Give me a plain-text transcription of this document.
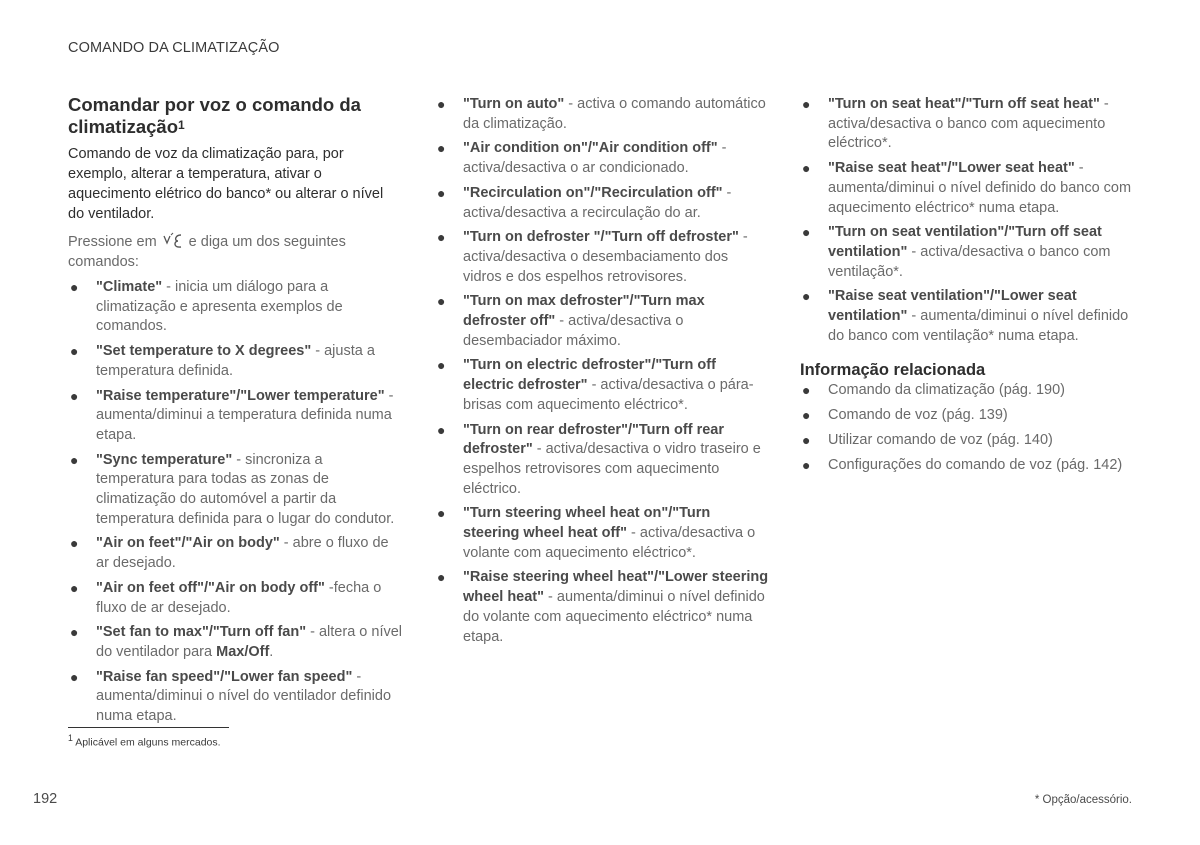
COMANDO DA CLIMATIZAÇÃO
Comandar por voz o comando da climatização$^1$

Comando de voz da climatização para, por exemplo, alterar a temperatura, ativar o aquecimento elétrico do banco* ou alterar o nível do ventilador.

Pressione em e diga um dos seguintes comandos:

● "Climate" - inicia um diálogo para a climatização e apresenta exemplos de comandos.
● "Set temperature to X degrees" - ajusta a temperatura definida.
● "Raise temperature"/"Lower temperature" - aumenta/diminui a temperatura definida numa etapa.
● "Sync temperature" - sincroniza a temperatura para todas as zonas de climatização do automóvel a partir da temperatura definida para o lugar do condutor.
● "Air on feet"/"Air on body" - abre o fluxo de ar desejado.
● "Air on feet off"/"Air on body off" -fecha o fluxo de ar desejado.
● "Set fan to max"/"Turn off fan" - altera o nível do ventilador para Max/Off.
● "Raise fan speed"/"Lower fan speed" - aumenta/diminui o nível do ventilador definido numa etapa.
● "Turn on auto" - activa o comando automático da climatização.
● "Air condition on"/"Air condition off" - activa/desactiva o ar condicionado.
● "Recirculation on"/"Recirculation off" - activa/desactiva a recirculação do ar.
● "Turn on defroster "/"Turn off defroster" - activa/desactiva o desembaciamento dos vidros e dos espelhos retrovisores.
● "Turn on max defroster"/"Turn max defroster off" - activa/desactiva o desembaciador máximo.
● "Turn on electric defroster"/"Turn off electric defroster" - activa/desactiva o pára-brisas com aquecimento eléctrico*.
● "Turn on rear defroster"/"Turn off rear defroster" - activa/desactiva o vidro traseiro e espelhos retrovisores com aquecimento eléctrico.
● "Turn steering wheel heat on"/"Turn steering wheel heat off" - activa/desactiva o volante com aquecimento eléctrico*.
● "Raise steering wheel heat"/"Lower steering wheel heat" - aumenta/diminui o nível definido do volante com aquecimento eléctrico* numa etapa.
● "Turn on seat heat"/"Turn off seat heat" - activa/desactiva o banco com aquecimento eléctrico*.
● "Raise seat heat"/"Lower seat heat" - aumenta/diminui o nível definido do banco com aquecimento eléctrico* numa etapa.
● "Turn on seat ventilation"/"Turn off seat ventilation" - activa/desactiva o banco com ventilação*.
● "Raise seat ventilation"/"Lower seat ventilation" - aumenta/diminui o nível definido do banco com ventilação* numa etapa.
Informação relacionada
● Comando da climatização (pág. 190)
● Comando de voz (pág. 139)
● Utilizar comando de voz (pág. 140)
● Configurações do comando de voz (pág. 142)
$^1$ Aplicável em alguns mercados.
192	* Opção/acessório.
